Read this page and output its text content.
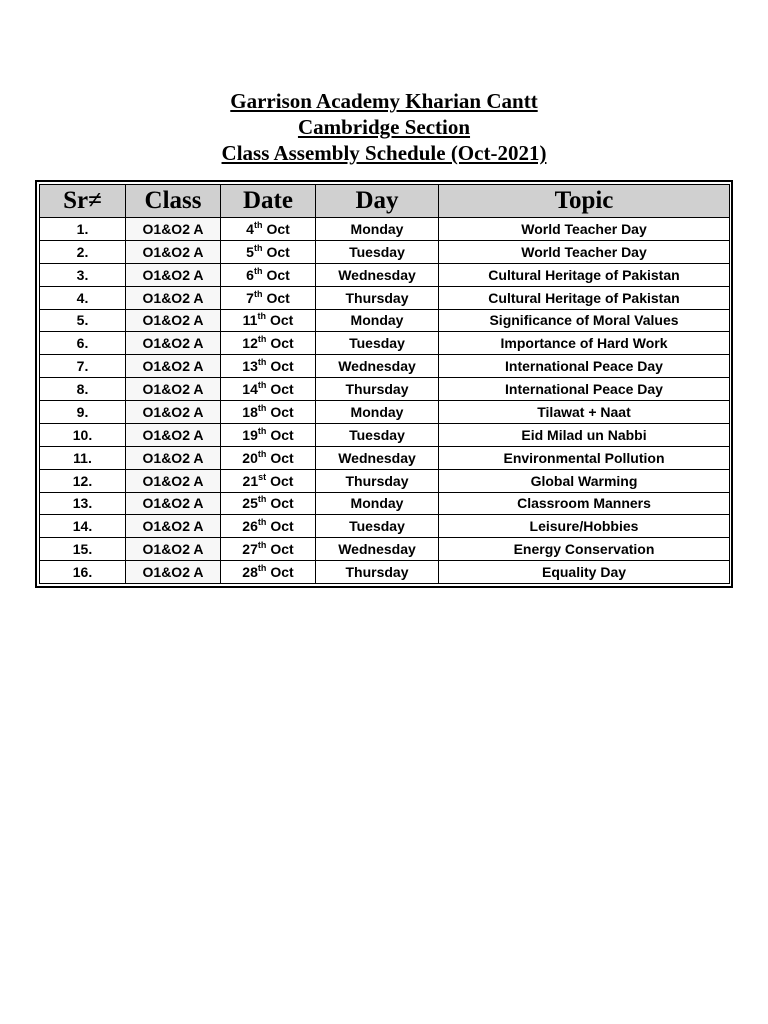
Garrison Academy Kharian Cantt
Cambridge Section
Class Assembly Schedule (Oct-2021)
Sr≠	Class	Date	Day	Topic
1.	O1&O2 A	4th Oct	Monday	World Teacher Day
2.	O1&O2 A	5th Oct	Tuesday	World Teacher Day
3.	O1&O2 A	6th Oct	Wednesday	Cultural Heritage of Pakistan
4.	O1&O2 A	7th Oct	Thursday	Cultural Heritage of Pakistan
5.	O1&O2 A	11th Oct	Monday	Significance of Moral Values
6.	O1&O2 A	12th Oct	Tuesday	Importance of Hard Work
7.	O1&O2 A	13th Oct	Wednesday	International Peace Day
8.	O1&O2 A	14th Oct	Thursday	International Peace Day
9.	O1&O2 A	18th Oct	Monday	Tilawat + Naat
10.	O1&O2 A	19th Oct	Tuesday	Eid Milad un Nabbi
11.	O1&O2 A	20th Oct	Wednesday	Environmental Pollution
12.	O1&O2 A	21st Oct	Thursday	Global Warming
13.	O1&O2 A	25th Oct	Monday	Classroom Manners
14.	O1&O2 A	26th Oct	Tuesday	Leisure/Hobbies
15.	O1&O2 A	27th Oct	Wednesday	Energy Conservation
16.	O1&O2 A	28th Oct	Thursday	Equality Day
